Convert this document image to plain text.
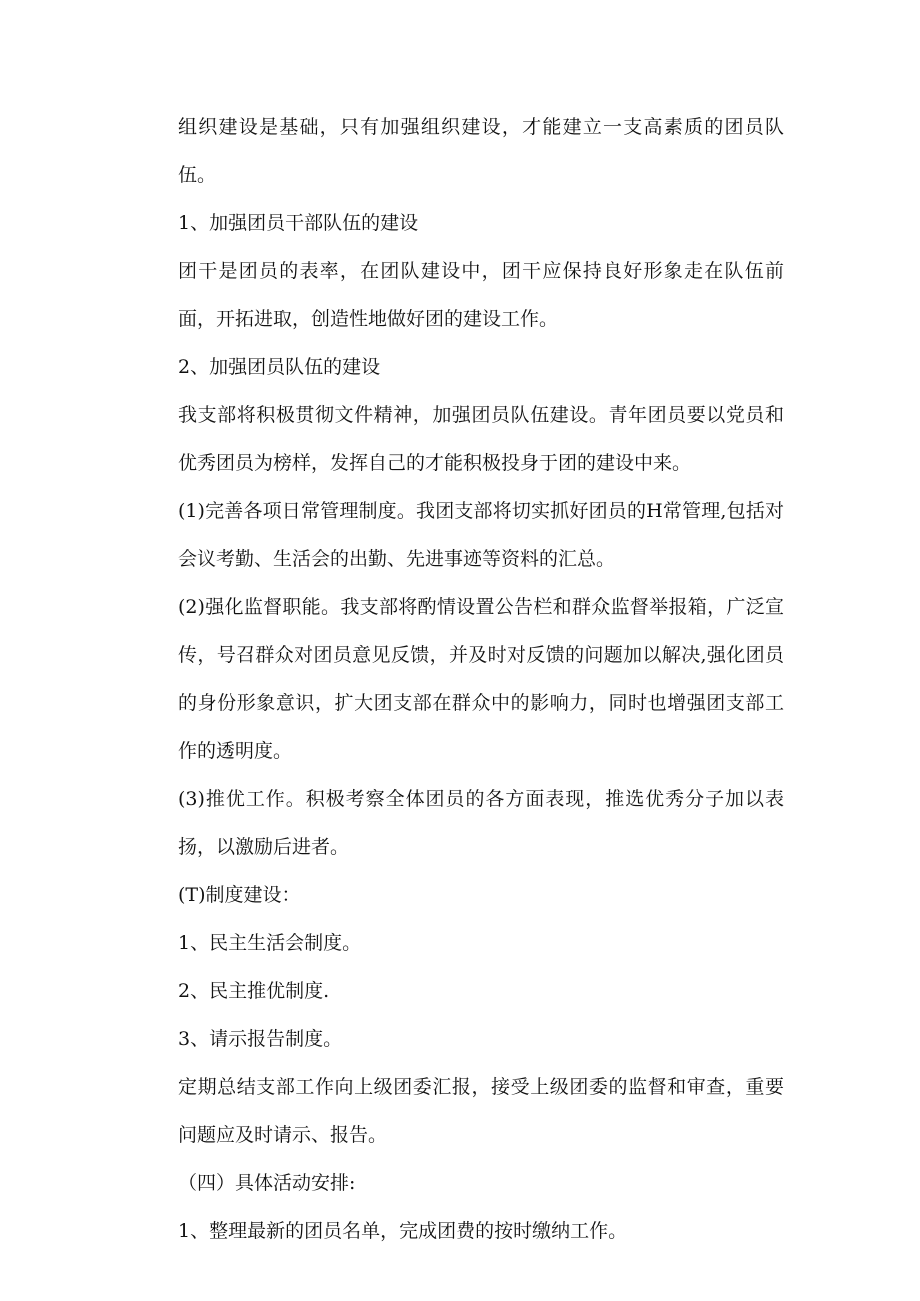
组织建设是基础，只有加强组织建设，才能建立一支高素质的团员队伍。

1、加强团员干部队伍的建设

团干是团员的表率，在团队建设中，团干应保持良好形象走在队伍前面，开拓进取，创造性地做好团的建设工作。

2、加强团员队伍的建设

我支部将积极贯彻文件精神，加强团员队伍建设。青年团员要以党员和优秀团员为榜样，发挥自己的才能积极投身于团的建设中来。

(1)完善各项日常管理制度。我团支部将切实抓好团员的H常管理,包括对会议考勤、生活会的出勤、先进事迹等资料的汇总。

(2)强化监督职能。我支部将酌情设置公告栏和群众监督举报箱，广泛宣传，号召群众对团员意见反馈，并及时对反馈的问题加以解决,强化团员的身份形象意识，扩大团支部在群众中的影响力，同时也增强团支部工作的透明度。

(3)推优工作。积极考察全体团员的各方面表现，推选优秀分子加以表扬，以激励后进者。

(T)制度建设：

1、民主生活会制度。

2、民主推优制度.

3、请示报告制度。

定期总结支部工作向上级团委汇报，接受上级团委的监督和审查，重要问题应及时请示、报告。

（四）具体活动安排:

1、整理最新的团员名单，完成团费的按时缴纳工作。
